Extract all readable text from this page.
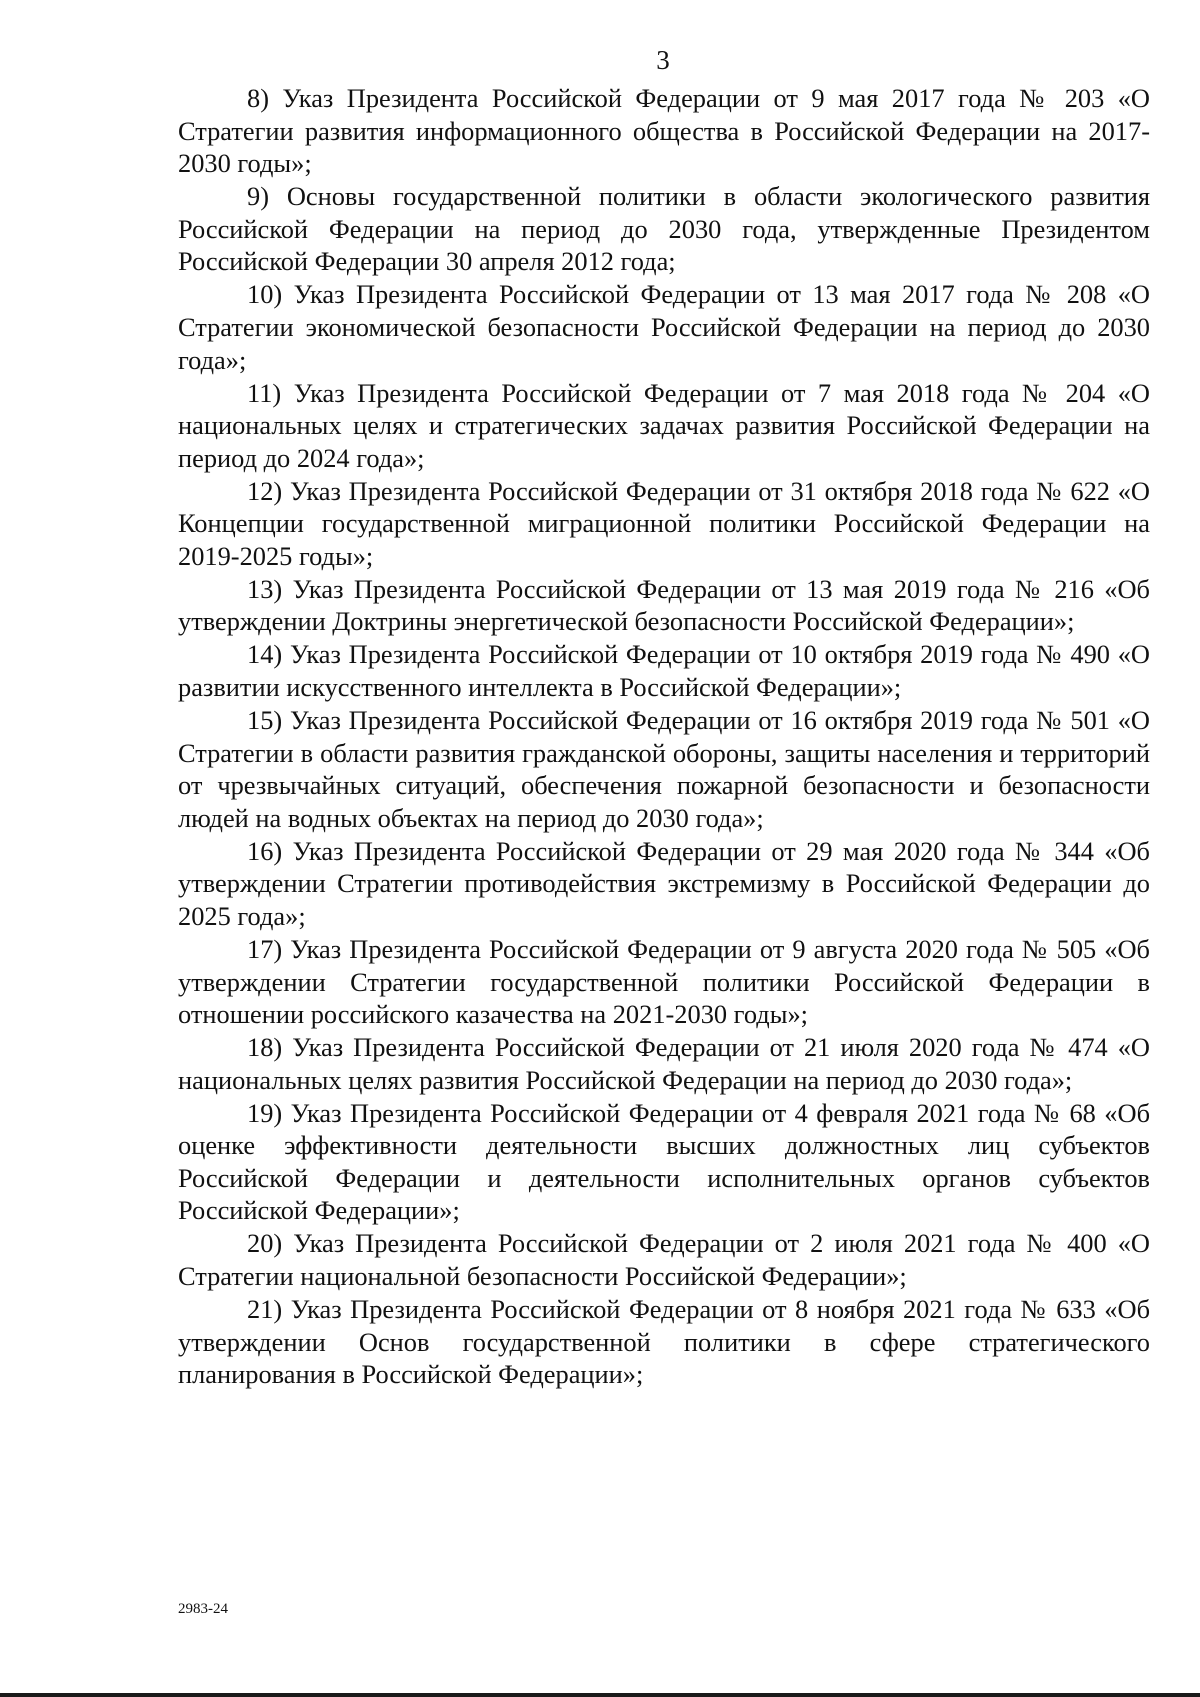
3

8) Указ Президента Российской Федерации от 9 мая 2017 года № 203 «О Стратегии развития информационного общества в Российской Федерации на 2017-2030 годы»;

9) Основы государственной политики в области экологического развития Российской Федерации на период до 2030 года, утвержденные Президентом Российской Федерации 30 апреля 2012 года;

10) Указ Президента Российской Федерации от 13 мая 2017 года № 208 «О Стратегии экономической безопасности Российской Федерации на период до 2030 года»;

11) Указ Президента Российской Федерации от 7 мая 2018 года № 204 «О национальных целях и стратегических задачах развития Российской Федерации на период до 2024 года»;

12) Указ Президента Российской Федерации от 31 октября 2018 года № 622 «О Концепции государственной миграционной политики Российской Федерации на 2019-2025 годы»;

13) Указ Президента Российской Федерации от 13 мая 2019 года № 216 «Об утверждении Доктрины энергетической безопасности Российской Федерации»;

14) Указ Президента Российской Федерации от 10 октября 2019 года № 490 «О развитии искусственного интеллекта в Российской Федерации»;

15) Указ Президента Российской Федерации от 16 октября 2019 года № 501 «О Стратегии в области развития гражданской обороны, защиты населения и территорий от чрезвычайных ситуаций, обеспечения пожарной безопасности и безопасности людей на водных объектах на период до 2030 года»;

16) Указ Президента Российской Федерации от 29 мая 2020 года № 344 «Об утверждении Стратегии противодействия экстремизму в Российской Федерации до 2025 года»;

17) Указ Президента Российской Федерации от 9 августа 2020 года № 505 «Об утверждении Стратегии государственной политики Российской Федерации в отношении российского казачества на 2021-2030 годы»;

18) Указ Президента Российской Федерации от 21 июля 2020 года № 474 «О национальных целях развития Российской Федерации на период до 2030 года»;

19) Указ Президента Российской Федерации от 4 февраля 2021 года № 68 «Об оценке эффективности деятельности высших должностных лиц субъектов Российской Федерации и деятельности исполнительных органов субъектов Российской Федерации»;

20) Указ Президента Российской Федерации от 2 июля 2021 года № 400 «О Стратегии национальной безопасности Российской Федерации»;

21) Указ Президента Российской Федерации от 8 ноября 2021 года № 633 «Об утверждении Основ государственной политики в сфере стратегического планирования в Российской Федерации»;

2983-24
